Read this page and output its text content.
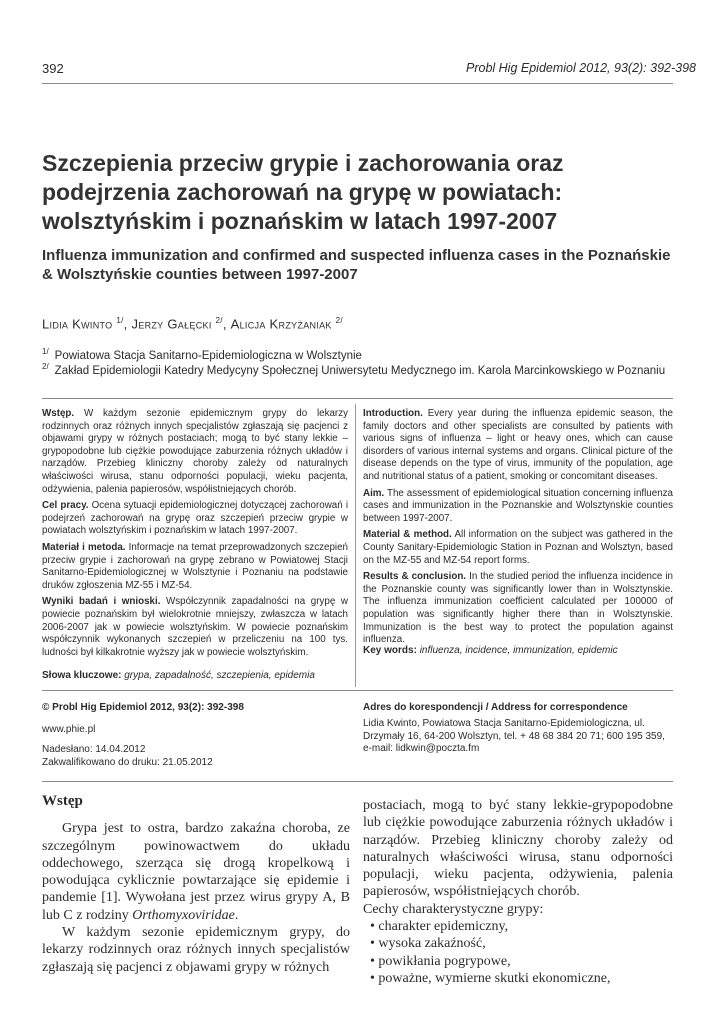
392	Probl Hig Epidemiol 2012, 93(2): 392-398
Szczepienia przeciw grypie i zachorowania oraz podejrzenia zachorowań na grypę w powiatach: wolsztyńskim i poznańskim w latach 1997-2007
Influenza immunization and confirmed and suspected influenza cases in the Poznańskie & Wolsztyńskie counties between 1997-2007
Lidia Kwinto $^{1/}$, Jerzy Gałęcki $^{2/}$, Alicja Krzyżaniak $^{2/}$
$^{1/}$ Powiatowa Stacja Sanitarno-Epidemiologiczna w Wolsztynie
$^{2/}$ Zakład Epidemiologii Katedry Medycyny Społecznej Uniwersytetu Medycznego im. Karola Marcinkowskiego w Poznaniu

Wstęp. W każdym sezonie epidemicznym grypy do lekarzy rodzinnych oraz różnych innych specjalistów zgłaszają się pacjenci z objawami grypy w różnych postaciach; mogą to być stany lekkie – grypopodobne lub ciężkie powodujące zaburzenia różnych układów i narządów. Przebieg kliniczny choroby zależy od naturalnych właściwości wirusa, stanu odporności populacji, wieku pacjenta, odżywienia, palenia papierosów, współistniejących chorób.

Cel pracy. Ocena sytuacji epidemiologicznej dotyczącej zachorowań i podejrzeń zachorowań na grypę oraz szczepień przeciw grypie w powiatach wolsztyńskim i poznańskim w latach 1997-2007.

Materiał i metoda. Informacje na temat przeprowadzonych szczepień przeciw grypie i zachorowań na grypę zebrano w Powiatowej Stacji Sanitarno-Epidemiologicznej w Wolsztynie i Poznaniu na podstawie druków zgłoszenia MZ-55 i MZ-54.

Wyniki badań i wnioski. Współczynnik zapadalności na grypę w powiecie poznańskim był wielokrotnie mniejszy, zwłaszcza w latach 2006-2007 jak w powiecie wolsztyńskim. W powiecie poznańskim współczynnik wykonanych szczepień w przeliczeniu na 100 tys. ludności był kilkakrotnie wyższy jak w powiecie wolsztyńskim.

Introduction. Every year during the influenza epidemic season, the family doctors and other specialists are consulted by patients with various signs of influenza – light or heavy ones, which can cause disorders of various internal systems and organs. Clinical picture of the disease depends on the type of virus, immunity of the population, age and nutritional status of a patient, smoking or concomitant diseases.

Aim. The assessment of epidemiological situation concerning influenza cases and immunization in the Poznanskie and Wolsztynskie counties between 1997-2007.

Material & method. All information on the subject was gathered in the County Sanitary-Epidemiologic Station in Poznan and Wolsztyn, based on the MZ-55 and MZ-54 report forms.

Results & conclusion. In the studied period the influenza incidence in the Poznanskie county was significantly lower than in Wolsztynskie. The influenza immunization coefficient calculated per 100000 of population was significantly higher there than in Wolsztynskie. Immunization is the best way to protect the population against influenza.

Słowa kluczowe: grypa, zapadalność, szczepienia, epidemia
Key words: influenza, incidence, immunization, epidemic
© Probl Hig Epidemiol 2012, 93(2): 392-398
www.phie.pl
Nadesłano: 14.04.2012
Zakwalifikowano do druku: 21.05.2012
Adres do korespondencji / Address for correspondence
Lidia Kwinto, Powiatowa Stacja Sanitarno-Epidemiologiczna, ul. Drzymały 16, 64-200 Wolsztyn, tel. + 48 68 384 20 71; 600 195 359, e-mail: lidkwin@poczta.fm
Wstęp

Grypa jest to ostra, bardzo zakaźna choroba, ze szczególnym powinowactwem do układu oddechowego, szerząca się drogą kropelkową i powodująca cyklicznie powtarzające się epidemie i pandemie [1]. Wywołana jest przez wirus grypy A, B lub C z rodziny Orthomyxoviridae.

W każdym sezonie epidemicznym grypy, do lekarzy rodzinnych oraz różnych innych specjalistów zgłaszają się pacjenci z objawami grypy w różnych

postaciach, mogą to być stany lekkie-grypopodobne lub ciężkie powodujące zaburzenia różnych układów i narządów. Przebieg kliniczny choroby zależy od naturalnych właściwości wirusa, stanu odporności populacji, wieku pacjenta, odżywienia, palenia papierosów, współistniejących chorób.

Cechy charakterystyczne grypy:

• charakter epidemiczny,
• wysoka zakaźność,
• powikłania pogrypowe,
• poważne, wymierne skutki ekonomiczne,
